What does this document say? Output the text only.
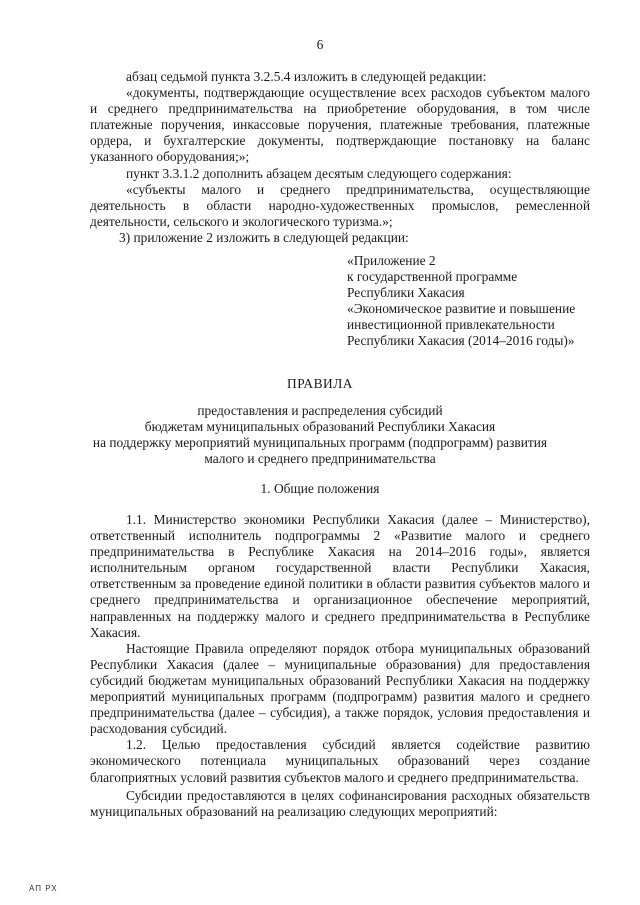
6

абзац седьмой пункта 3.2.5.4 изложить в следующей редакции:

«документы, подтверждающие осуществление всех расходов субъектом малого и среднего предпринимательства на приобретение оборудования, в том числе платежные поручения, инкассовые поручения, платежные требования, платежные ордера, и бухгалтерские документы, подтверждающие постановку на баланс указанного оборудования;»;

пункт 3.3.1.2 дополнить абзацем десятым следующего содержания:

«субъекты малого и среднего предпринимательства, осуществляющие деятельность в области народно-художественных промыслов, ремесленной деятельности, сельского и экологического туризма.»;

3) приложение 2 изложить в следующей редакции:

«Приложение 2
к государственной программе
Республики Хакасия
«Экономическое развитие и повышение
инвестиционной привлекательности
Республики Хакасия (2014–2016 годы)»
ПРАВИЛА
предоставления и распределения субсидий
бюджетам муниципальных образований Республики Хакасия
на поддержку мероприятий муниципальных программ (подпрограмм) развития
малого и среднего предпринимательства
1. Общие положения

1.1. Министерство экономики Республики Хакасия (далее – Министерство), ответственный исполнитель подпрограммы 2 «Развитие малого и среднего предпринимательства в Республике Хакасия на 2014–2016 годы», является исполнительным органом государственной власти Республики Хакасия, ответственным за проведение единой политики в области развития субъектов малого и среднего предпринимательства и организационное обеспечение мероприятий, направленных на поддержку малого и среднего предпринимательства в Республике Хакасия.

Настоящие Правила определяют порядок отбора муниципальных образований Республики Хакасия (далее – муниципальные образования) для предоставления субсидий бюджетам муниципальных образований Республики Хакасия на поддержку мероприятий муниципальных программ (подпрограмм) развития малого и среднего предпринимательства (далее – субсидия), а также порядок, условия предоставления и расходования субсидий.

1.2. Целью предоставления субсидий является содействие развитию экономического потенциала муниципальных образований через создание благоприятных условий развития субъектов малого и среднего предпринимательства.

Субсидии предоставляются в целях софинансирования расходных обязательств муниципальных образований на реализацию следующих мероприятий:

АП РХ
